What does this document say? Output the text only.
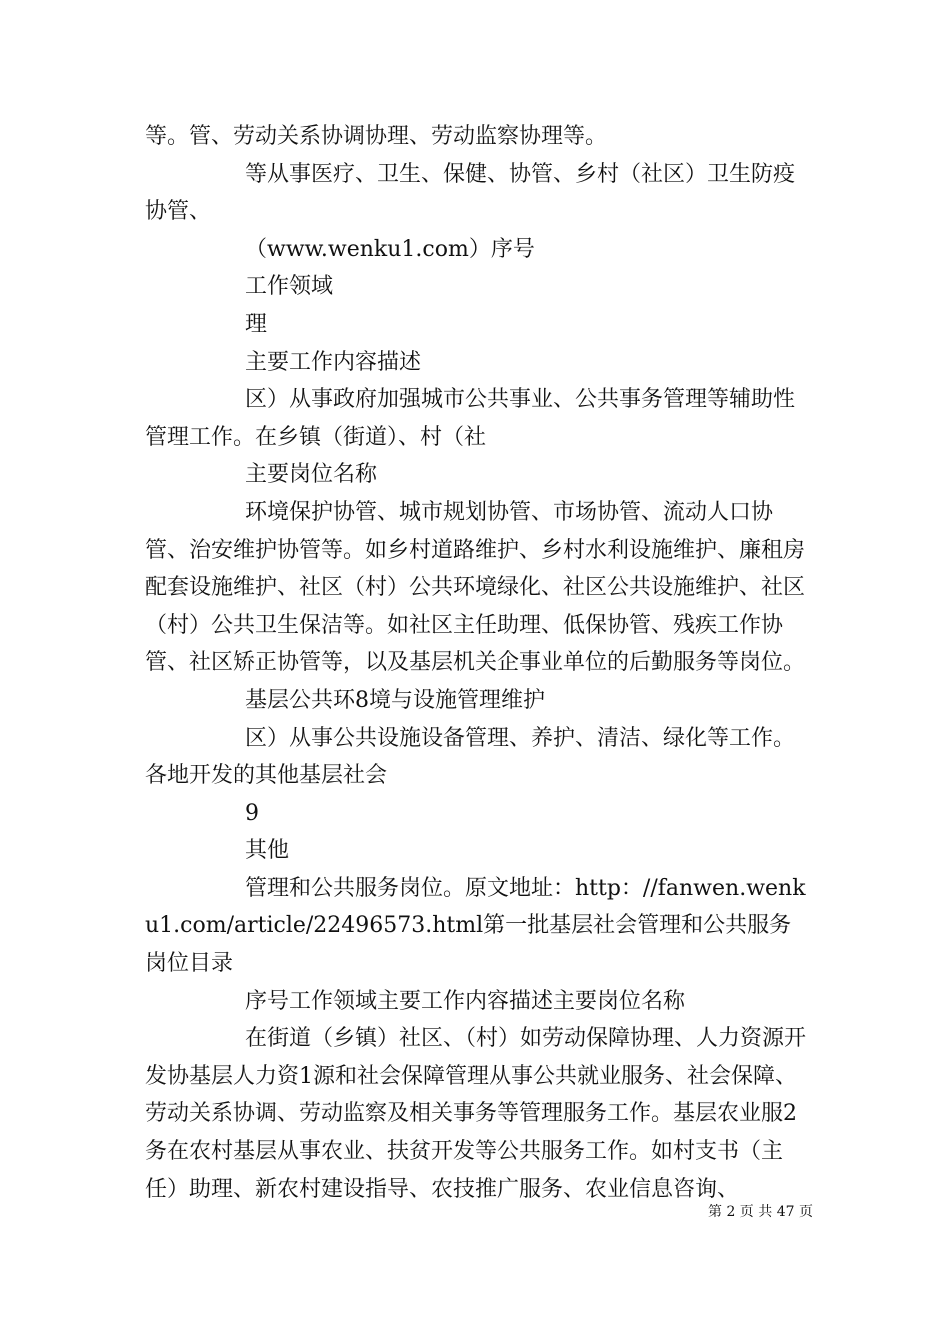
等。管、劳动关系协调协理、劳动监察协理等。

等从事医疗、卫生、保健、协管、乡村（社区）卫生防疫协管、

（www.wenku1.com）序号

工作领域

理

主要工作内容描述

区）从事政府加强城市公共事业、公共事务管理等辅助性管理工作。在乡镇（街道）、村（社

主要岗位名称

环境保护协管、城市规划协管、市场协管、流动人口协管、治安维护协管等。如乡村道路维护、乡村水利设施维护、廉租房配套设施维护、社区（村）公共环境绿化、社区公共设施维护、社区（村）公共卫生保洁等。如社区主任助理、低保协管、残疾工作协管、社区矫正协管等，以及基层机关企事业单位的后勤服务等岗位。

基层公共环8境与设施管理维护

区）从事公共设施设备管理、养护、清洁、绿化等工作。各地开发的其他基层社会

9

其他

管理和公共服务岗位。原文地址：http：//fanwen.wenku1.com/article/22496573.html第一批基层社会管理和公共服务岗位目录

序号工作领域主要工作内容描述主要岗位名称

在街道（乡镇）社区、（村）如劳动保障协理、人力资源开发协基层人力资1源和社会保障管理从事公共就业服务、社会保障、劳动关系协调、劳动监察及相关事务等管理服务工作。基层农业服2务在农村基层从事农业、扶贫开发等公共服务工作。如村支书（主任）助理、新农村建设指导、农技推广服务、农业信息咨询、

第 2 页 共 47 页
